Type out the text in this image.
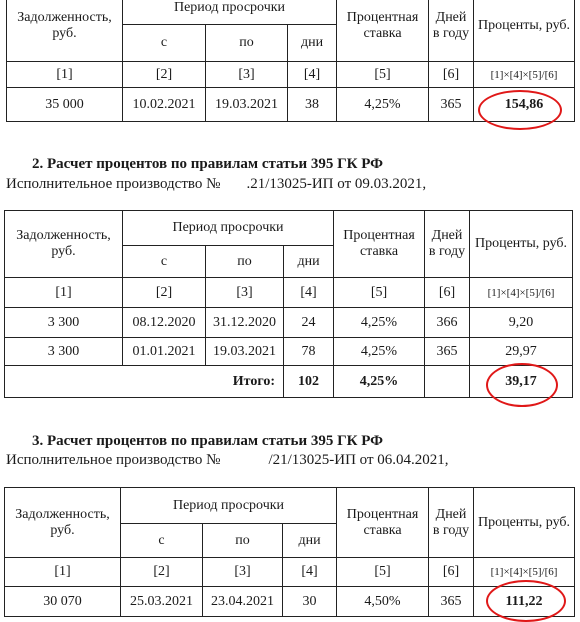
Задолженность, руб.	Период просрочки			Процентная ставка	Дней в году	Проценты, руб.
	с	по	дни			
[1]	[2]	[3]	[4]	[5]	[6]	[1]×[4]×[5]/[6]
35 000	10.02.2021	19.03.2021	38	4,25%	365	154,86
2. Расчет процентов по правилам статьи 395 ГК РФ
Исполнительное производство № .21/13025-ИП от 09.03.2021,
Задолженность, руб.	Период просрочки			Процентная ставка	Дней в году	Проценты, руб.
	с	по	дни			
[1]	[2]	[3]	[4]	[5]	[6]	[1]×[4]×[5]/[6]
3 300	08.12.2020	31.12.2020	24	4,25%	366	9,20
3 300	01.01.2021	19.03.2021	78	4,25%	365	29,97
Итого:			102	4,25%		39,17
3. Расчет процентов по правилам статьи 395 ГК РФ
Исполнительное производство №	/21/13025-ИП от 06.04.2021,
Задолженность, руб.	Период просрочки			Процентная ставка	Дней в году	Проценты, руб.
	с	по	дни			
[1]	[2]	[3]	[4]	[5]	[6]	[1]×[4]×[5]/[6]
30 070	25.03.2021	23.04.2021	30	4,50%	365	111,22
